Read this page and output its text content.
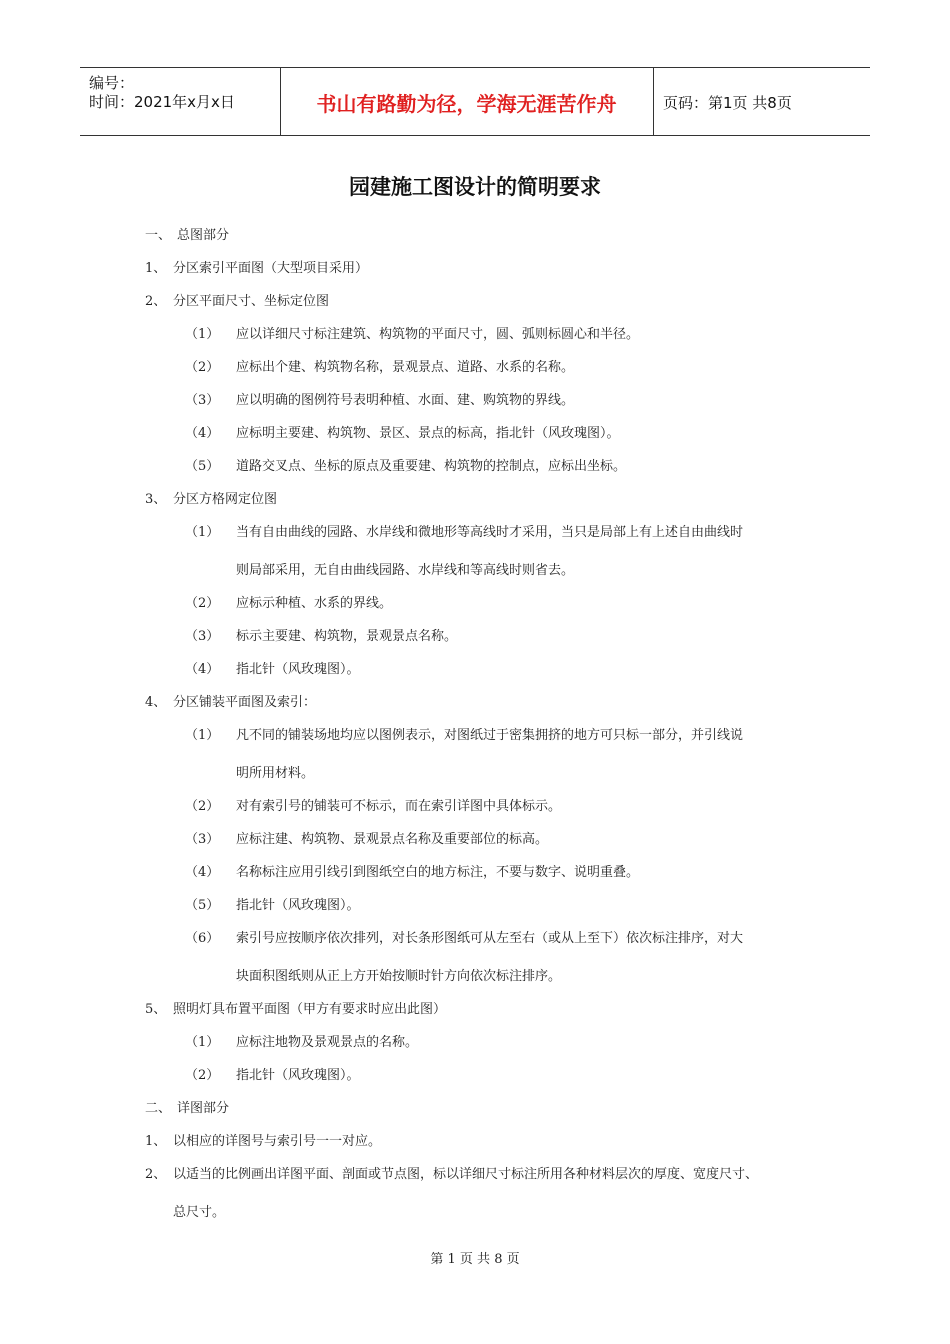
编号：
时间：2021年x月x日	书山有路勤为径，学海无涯苦作舟	页码：第1页 共8页
园建施工图设计的简明要求
一、 总图部分
1、 分区索引平面图（大型项目采用）
2、 分区平面尺寸、坐标定位图
（1） 应以详细尺寸标注建筑、构筑物的平面尺寸，圆、弧则标圆心和半径。
（2） 应标出个建、构筑物名称，景观景点、道路、水系的名称。
（3） 应以明确的图例符号表明种植、水面、建、购筑物的界线。
（4） 应标明主要建、构筑物、景区、景点的标高，指北针（风玫瑰图）。
（5） 道路交叉点、坐标的原点及重要建、构筑物的控制点，应标出坐标。
3、 分区方格网定位图
（1） 当有自由曲线的园路、水岸线和微地形等高线时才采用，当只是局部上有上述自由曲线时
则局部采用，无自由曲线园路、水岸线和等高线时则省去。
（2） 应标示种植、水系的界线。
（3） 标示主要建、构筑物，景观景点名称。
（4） 指北针（风玫瑰图）。
4、 分区铺装平面图及索引：
（1） 凡不同的铺装场地均应以图例表示，对图纸过于密集拥挤的地方可只标一部分，并引线说
明所用材料。
（2） 对有索引号的铺装可不标示，而在索引详图中具体标示。
（3） 应标注建、构筑物、景观景点名称及重要部位的标高。
（4） 名称标注应用引线引到图纸空白的地方标注，不要与数字、说明重叠。
（5） 指北针（风玫瑰图）。
（6） 索引号应按顺序依次排列，对长条形图纸可从左至右（或从上至下）依次标注排序，对大
块面积图纸则从正上方开始按顺时针方向依次标注排序。
5、 照明灯具布置平面图（甲方有要求时应出此图）
（1） 应标注地物及景观景点的名称。
（2） 指北针（风玫瑰图）。
二、 详图部分
1、 以相应的详图号与索引号一一对应。
2、 以适当的比例画出详图平面、剖面或节点图，标以详细尺寸标注所用各种材料层次的厚度、宽度尺寸、
总尺寸。
第 1 页 共 8 页
